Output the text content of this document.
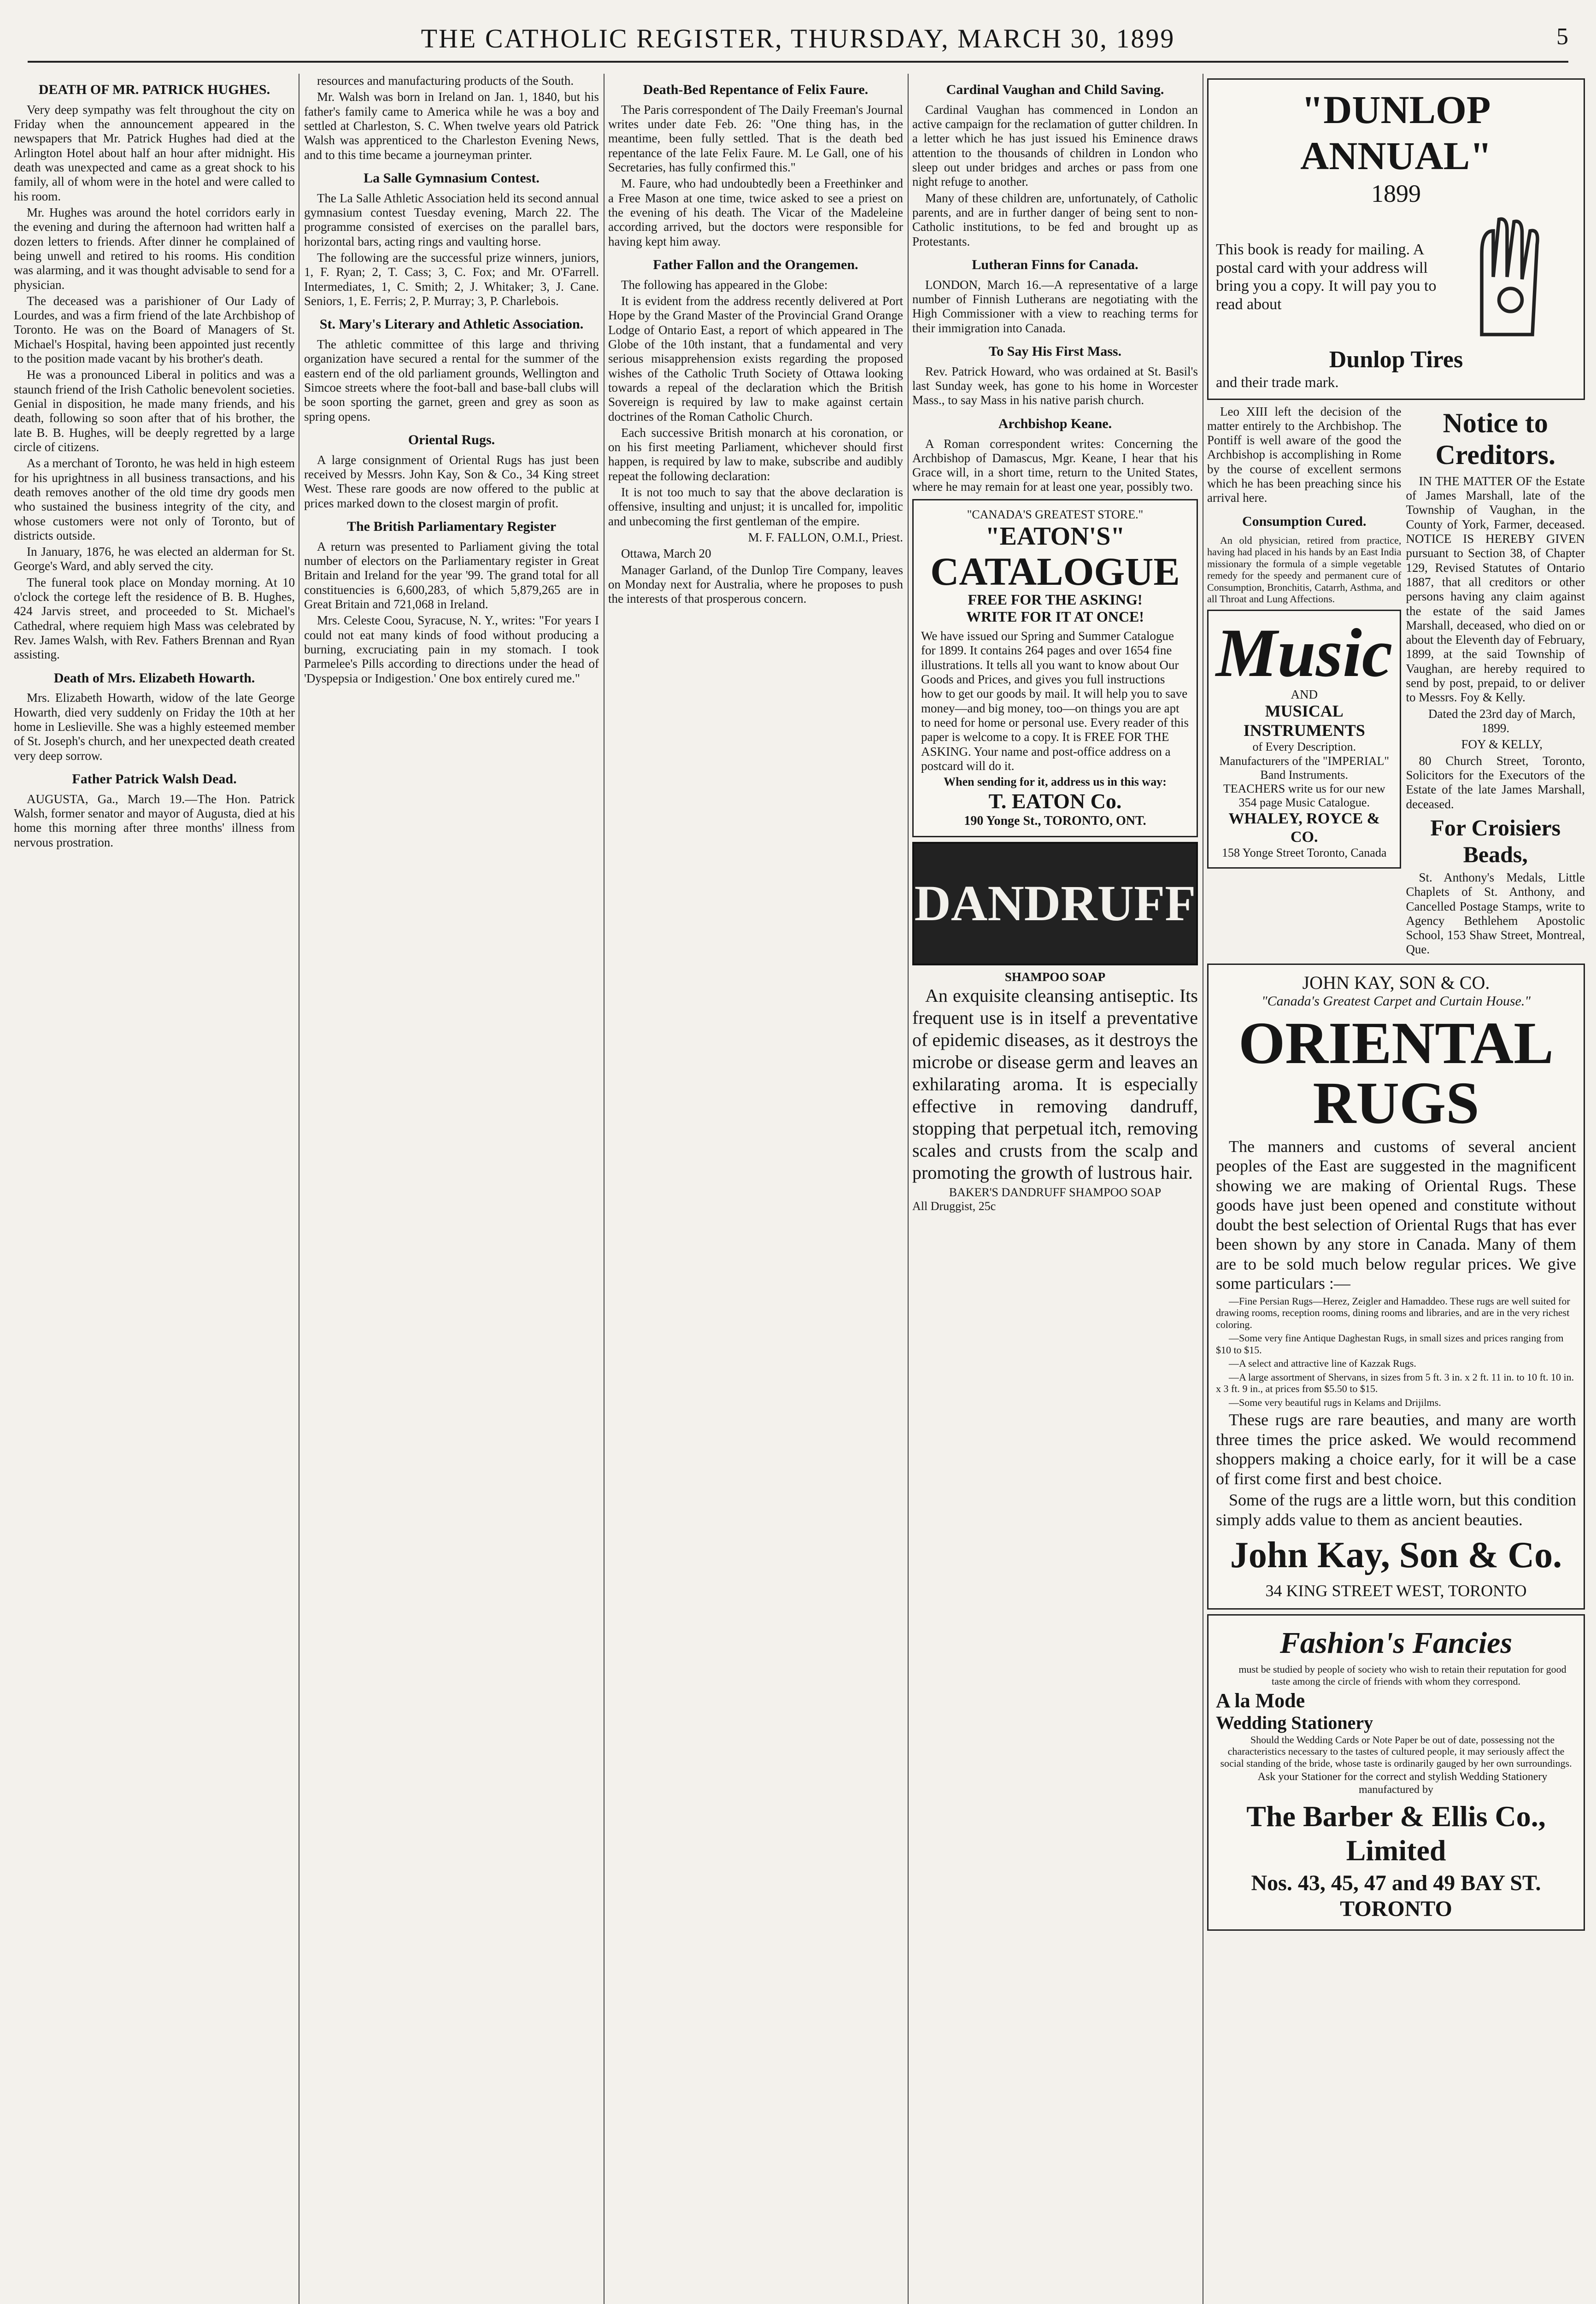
THE CATHOLIC REGISTER, THURSDAY, MARCH 30, 1899	5
DEATH OF MR. PATRICK HUGHES.

Very deep sympathy was felt throughout the city on Friday when the announcement appeared in the newspapers that Mr. Patrick Hughes had died at the Arlington Hotel about half an hour after midnight. His death was unexpected and came as a great shock to his family, all of whom were in the hotel and were called to his room.

Mr. Hughes was around the hotel corridors early in the evening and during the afternoon had written half a dozen letters to friends. After dinner he complained of being unwell and retired to his rooms. His condition was alarming, and it was thought advisable to send for a physician.

The deceased was a parishioner of Our Lady of Lourdes, and was a firm friend of the late Archbishop of Toronto. He was on the Board of Managers of St. Michael's Hospital, having been appointed just recently to the position made vacant by his brother's death.

He was a pronounced Liberal in politics and was a staunch friend of the Irish Catholic benevolent societies. Genial in disposition, he made many friends, and his death, following so soon after that of his brother, the late B. B. Hughes, will be deeply regretted by a large circle of citizens.

As a merchant of Toronto, he was held in high esteem for his uprightness in all business transactions, and his death removes another of the old time dry goods men who sustained the business integrity of the city, and whose customers were not only of Toronto, but of districts outside.

In January, 1876, he was elected an alderman for St. George's Ward, and ably served the city.

The funeral took place on Monday morning. At 10 o'clock the cortege left the residence of B. B. Hughes, 424 Jarvis street, and proceeded to St. Michael's Cathedral, where requiem high Mass was celebrated by Rev. James Walsh, with Rev. Fathers Brennan and Ryan assisting.

Death of Mrs. Elizabeth Howarth.

Mrs. Elizabeth Howarth, widow of the late George Howarth, died very suddenly on Friday the 10th at her home in Leslieville. She was a highly esteemed member of St. Joseph's church, and her unexpected death created very deep sorrow.

Father Patrick Walsh Dead.

AUGUSTA, Ga., March 19.—The Hon. Patrick Walsh, former senator and mayor of Augusta, died at his home this morning after three months' illness from nervous prostration.

resources and manufacturing products of the South.

Mr. Walsh was born in Ireland on Jan. 1, 1840, but his father's family came to America while he was a boy and settled at Charleston, S. C. When twelve years old Patrick Walsh was apprenticed to the Charleston Evening News, and to this time became a journeyman printer.

La Salle Gymnasium Contest.

The La Salle Athletic Association held its second annual gymnasium contest Tuesday evening, March 22. The programme consisted of exercises on the parallel bars, horizontal bars, acting rings and vaulting horse.

The following are the successful prize winners, juniors, 1, F. Ryan; 2, T. Cass; 3, C. Fox; and Mr. O'Farrell. Intermediates, 1, C. Smith; 2, J. Whitaker; 3, J. Cane. Seniors, 1, E. Ferris; 2, P. Murray; 3, P. Charlebois.

St. Mary's Literary and Athletic Association.

The athletic committee of this large and thriving organization have secured a rental for the summer of the eastern end of the old parliament grounds, Wellington and Simcoe streets where the foot-ball and base-ball clubs will be soon sporting the garnet, green and grey as soon as spring opens.

Oriental Rugs.

A large consignment of Oriental Rugs has just been received by Messrs. John Kay, Son & Co., 34 King street West. These rare goods are now offered to the public at prices marked down to the closest margin of profit.

The British Parliamentary Register

A return was presented to Parliament giving the total number of electors on the Parliamentary register in Great Britain and Ireland for the year '99. The grand total for all constituencies is 6,600,283, of which 5,879,265 are in Great Britain and 721,068 in Ireland.

Mrs. Celeste Coou, Syracuse, N. Y., writes: "For years I could not eat many kinds of food without producing a burning, excruciating pain in my stomach. I took Parmelee's Pills according to directions under the head of 'Dyspepsia or Indigestion.' One box entirely cured me."

Death-Bed Repentance of Felix Faure.

The Paris correspondent of The Daily Freeman's Journal writes under date Feb. 26: "One thing has, in the meantime, been fully settled. That is the death bed repentance of the late Felix Faure. M. Le Gall, one of his Secretaries, has fully confirmed this."

M. Faure, who had undoubtedly been a Freethinker and a Free Mason at one time, twice asked to see a priest on the evening of his death. The Vicar of the Madeleine according arrived, but the doctors were responsible for having kept him away.

Father Fallon and the Orangemen.

The following has appeared in the Globe:

It is evident from the address recently delivered at Port Hope by the Grand Master of the Provincial Grand Orange Lodge of Ontario East, a report of which appeared in The Globe of the 10th instant, that a fundamental and very serious misapprehension exists regarding the proposed wishes of the Catholic Truth Society of Ottawa looking towards a repeal of the declaration which the British Sovereign is required by law to make against certain doctrines of the Roman Catholic Church.

Each successive British monarch at his coronation, or on his first meeting Parliament, whichever should first happen, is required by law to make, subscribe and audibly repeat the following declaration:

It is not too much to say that the above declaration is offensive, insulting and unjust; it is uncalled for, impolitic and unbecoming the first gentleman of the empire.

M. F. FALLON, O.M.I., Priest.

Ottawa, March 20

Manager Garland, of the Dunlop Tire Company, leaves on Monday next for Australia, where he proposes to push the interests of that prosperous concern.

Cardinal Vaughan and Child Saving.

Cardinal Vaughan has commenced in London an active campaign for the reclamation of gutter children. In a letter which he has just issued his Eminence draws attention to the thousands of children in London who sleep out under bridges and arches or pass from one night refuge to another.

Many of these children are, unfortunately, of Catholic parents, and are in further danger of being sent to non-Catholic institutions, to be fed and brought up as Protestants.

Lutheran Finns for Canada.

LONDON, March 16.—A representative of a large number of Finnish Lutherans are negotiating with the High Commissioner with a view to reaching terms for their immigration into Canada.

To Say His First Mass.

Rev. Patrick Howard, who was ordained at St. Basil's last Sunday week, has gone to his home in Worcester Mass., to say Mass in his native parish church.

Archbishop Keane.

A Roman correspondent writes: Concerning the Archbishop of Damascus, Mgr. Keane, I hear that his Grace will, in a short time, return to the United States, where he may remain for at least one year, possibly two.

"CANADA'S GREATEST STORE."
"EATON'S"
CATALOGUE
FREE FOR THE ASKING!
WRITE FOR IT AT ONCE!

We have issued our Spring and Summer Catalogue for 1899. It contains 264 pages and over 1654 fine illustrations. It tells all you want to know about Our Goods and Prices, and gives you full instructions how to get our goods by mail. It will help you to save money—and big money, too—on things you are apt to need for home or personal use. Every reader of this paper is welcome to a copy. It is FREE FOR THE ASKING. Your name and post-office address on a postcard will do it.

When sending for it, address us in this way:
T. EATON Co.
190 Yonge St., TORONTO, ONT.
DANDRUFF
SHAMPOO SOAP

An exquisite cleansing antiseptic. Its frequent use is in itself a preventative of epidemic diseases, as it destroys the microbe or disease germ and leaves an exhilarating aroma. It is especially effective in removing dandruff, stopping that perpetual itch, removing scales and crusts from the scalp and promoting the growth of lustrous hair.

BAKER'S DANDRUFF SHAMPOO SOAP
All Druggist, 25c
"DUNLOP ANNUAL"
1899
This book is ready for mailing. A postal card with your address will bring you a copy. It will pay you to read about
Dunlop Tires
and their trade mark.

Leo XIII left the decision of the matter entirely to the Archbishop. The Pontiff is well aware of the good the Archbishop is accomplishing in Rome by the course of excellent sermons which he has been preaching since his arrival here.

Consumption Cured.

An old physician, retired from practice, having had placed in his hands by an East India missionary the formula of a simple vegetable remedy for the speedy and permanent cure of Consumption, Bronchitis, Catarrh, Asthma, and all Throat and Lung Affections.

Music
AND
MUSICAL INSTRUMENTS
of Every Description.
Manufacturers of the "IMPERIAL" Band Instruments.
TEACHERS write us for our new 354 page Music Catalogue.
WHALEY, ROYCE & CO.
158 Yonge Street Toronto, Canada
Notice to Creditors.

IN THE MATTER OF the Estate of James Marshall, late of the Township of Vaughan, in the County of York, Farmer, deceased. NOTICE IS HEREBY GIVEN pursuant to Section 38, of Chapter 129, Revised Statutes of Ontario 1887, that all creditors or other persons having any claim against the estate of the said James Marshall, deceased, who died on or about the Eleventh day of February, 1899, at the said Township of Vaughan, are hereby required to send by post, prepaid, to or deliver to Messrs. Foy & Kelly.

Dated the 23rd day of March, 1899.

FOY & KELLY,

80 Church Street, Toronto, Solicitors for the Executors of the Estate of the late James Marshall, deceased.

For Croisiers Beads,

St. Anthony's Medals, Little Chaplets of St. Anthony, and Cancelled Postage Stamps, write to Agency Bethlehem Apostolic School, 153 Shaw Street, Montreal, Que.

JOHN KAY, SON & CO.
"Canada's Greatest Carpet and Curtain House."
ORIENTAL RUGS

The manners and customs of several ancient peoples of the East are suggested in the magnificent showing we are making of Oriental Rugs. These goods have just been opened and constitute without doubt the best selection of Oriental Rugs that has ever been shown by any store in Canada. Many of them are to be sold much below regular prices. We give some particulars :—

—Fine Persian Rugs—Herez, Zeigler and Hamaddeo. These rugs are well suited for drawing rooms, reception rooms, dining rooms and libraries, and are in the very richest coloring.

—Some very fine Antique Daghestan Rugs, in small sizes and prices ranging from $10 to $15.

—A select and attractive line of Kazzak Rugs.

—A large assortment of Shervans, in sizes from 5 ft. 3 in. x 2 ft. 11 in. to 10 ft. 10 in. x 3 ft. 9 in., at prices from $5.50 to $15.

—Some very beautiful rugs in Kelams and Drijilms.

These rugs are rare beauties, and many are worth three times the price asked. We would recommend shoppers making a choice early, for it will be a case of first come first and best choice.

Some of the rugs are a little worn, but this condition simply adds value to them as ancient beauties.

John Kay, Son & Co.
34 KING STREET WEST, TORONTO
Fashion's Fancies

must be studied by people of society who wish to retain their reputation for good taste among the circle of friends with whom they correspond.

A la Mode
Wedding Stationery

Should the Wedding Cards or Note Paper be out of date, possessing not the characteristics necessary to the tastes of cultured people, it may seriously affect the social standing of the bride, whose taste is ordinarily gauged by her own surroundings.

Ask your Stationer for the correct and stylish Wedding Stationery manufactured by

The Barber & Ellis Co., Limited
Nos. 43, 45, 47 and 49 BAY ST. TORONTO
